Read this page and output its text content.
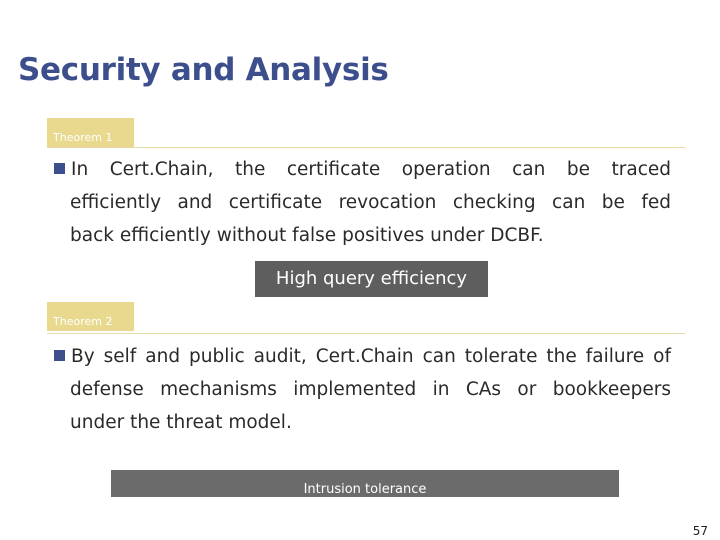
Security and Analysis
Theorem 1
In Cert.Chain, the certificate operation can be traced
efficiently and certificate revocation checking can be fed
back efficiently without false positives under DCBF.
High query efficiency
Theorem 2
By self and public audit, Cert.Chain can tolerate the failure of
defense mechanisms implemented in CAs or bookkeepers
under the threat model.
Intrusion tolerance
57
